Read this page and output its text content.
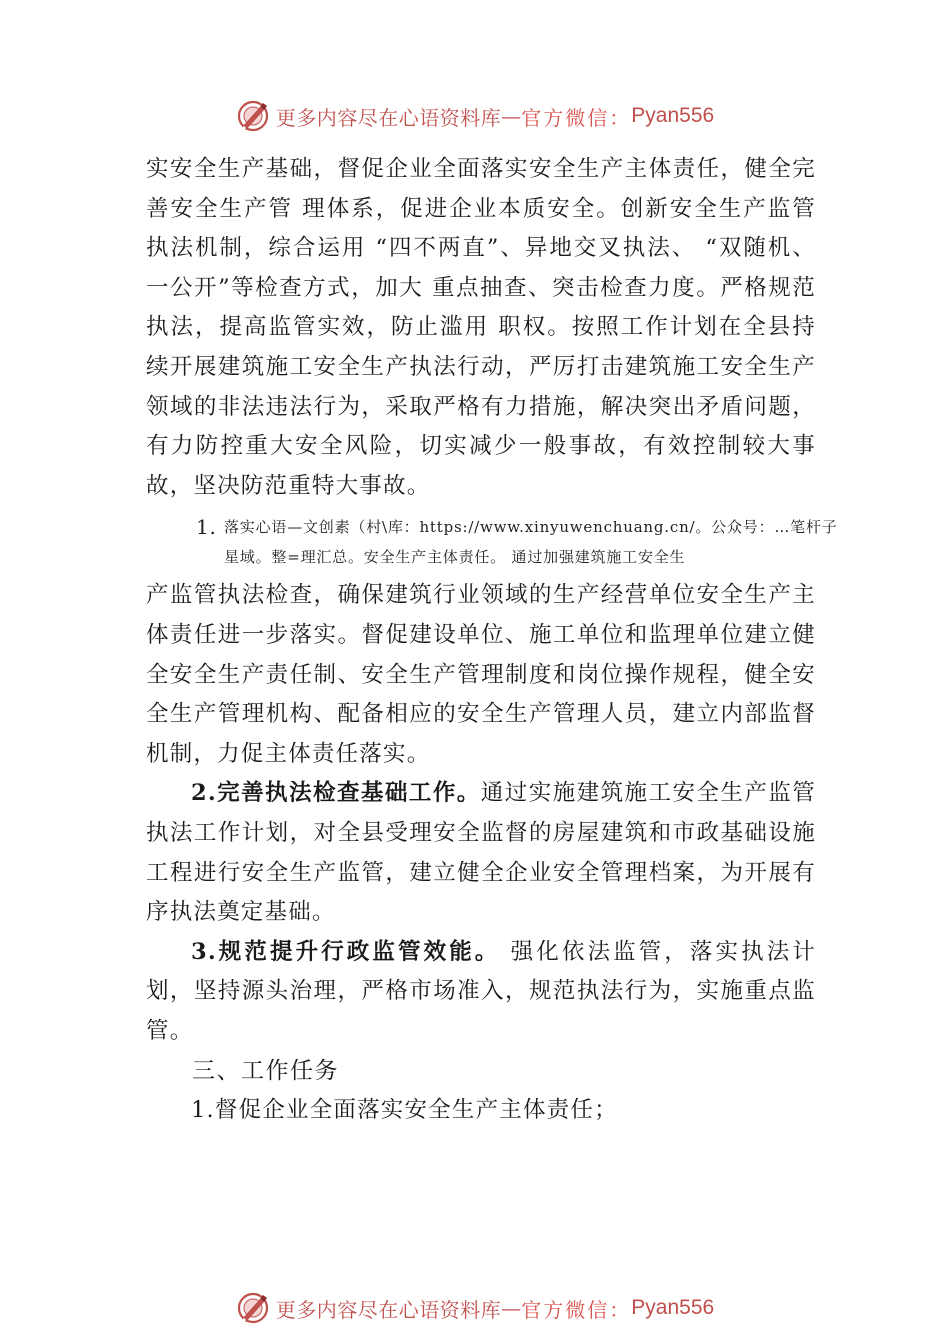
更多内容尽在心语资料库 — 官方微信： Pyan556

实安全生产基础，督促企业全面落实安全生产主体责任，健全完善安全生产管 理体系，促进企业本质安全。创新安全生产监管执法机制，综合运用 “四不两直”、异地交叉执法、 “双随机、一公开”等检查方式，加大 重点抽查、突击检查力度。严格规范执法，提高监管实效，防止滥用 职权。按照工作计划在全县持续开展建筑施工安全生产执法行动，严厉打击建筑施工安全生产领域的非法违法行为，采取严格有力措施，解决突出矛盾问题，有力防控重大安全风险，切实减少一般事故，有效控制较大事故，坚决防范重特大事故。

1. 落实心语—文创素（村\库：https://www.xinyuwenchuang.cn/。公众号：…笔杆子星域。整=理汇总。安全生产主体责任。 通过加强建筑施工安全生

产监管执法检查，确保建筑行业领域的生产经营单位安全生产主体责任进一步落实。督促建设单位、施工单位和监理单位建立健全安全生产责任制、安全生产管理制度和岗位操作规程，健全安全生产管理机构、配备相应的安全生产管理人员，建立内部监督机制，力促主体责任落实。

2.完善执法检查基础工作。通过实施建筑施工安全生产监管执法工作计划，对全县受理安全监督的房屋建筑和市政基础设施工程进行安全生产监管，建立健全企业安全管理档案，为开展有序执法奠定基础。

3.规范提升行政监管效能。 强化依法监管，落实执法计划，坚持源头治理，严格市场准入，规范执法行为，实施重点监管。

三、工作任务

1.督促企业全面落实安全生产主体责任；

更多内容尽在心语资料库 — 官方微信： Pyan556
